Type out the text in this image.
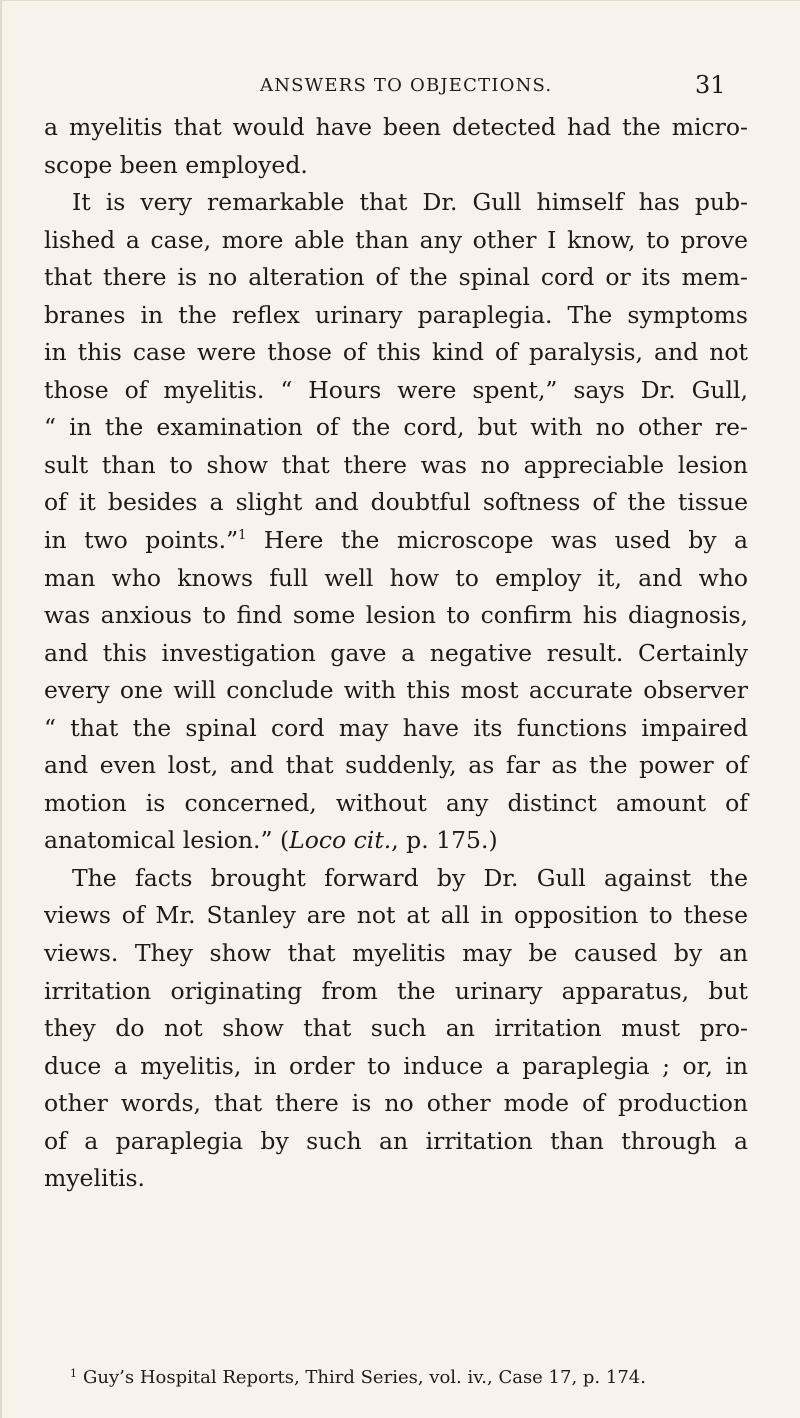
ANSWERS TO OBJECTIONS.	31
a myelitis that would have been detected had the micro-
scope been employed.
It is very remarkable that Dr. Gull himself has pub-
lished a case, more able than any other I know, to prove
that there is no alteration of the spinal cord or its mem-
branes in the reflex urinary paraplegia. The symptoms
in this case were those of this kind of paralysis, and not
those of myelitis. “ Hours were spent,” says Dr. Gull,
“ in the examination of the cord, but with no other re-
sult than to show that there was no appreciable lesion
of it besides a slight and doubtful softness of the tissue
in two points.”$^1$ Here the microscope was used by a
man who knows full well how to employ it, and who
was anxious to find some lesion to confirm his diagnosis,
and this investigation gave a negative result. Certainly
every one will conclude with this most accurate observer
“ that the spinal cord may have its functions impaired
and even lost, and that suddenly, as far as the power of
motion is concerned, without any distinct amount of
anatomical lesion.” (Loco cit., p. 175.)
The facts brought forward by Dr. Gull against the
views of Mr. Stanley are not at all in opposition to these
views. They show that myelitis may be caused by an
irritation originating from the urinary apparatus, but
they do not show that such an irritation must pro-
duce a myelitis, in order to induce a paraplegia ; or, in
other words, that there is no other mode of production
of a paraplegia by such an irritation than through a
myelitis.
$^1$ Guy’s Hospital Reports, Third Series, vol. iv., Case 17, p. 174.
